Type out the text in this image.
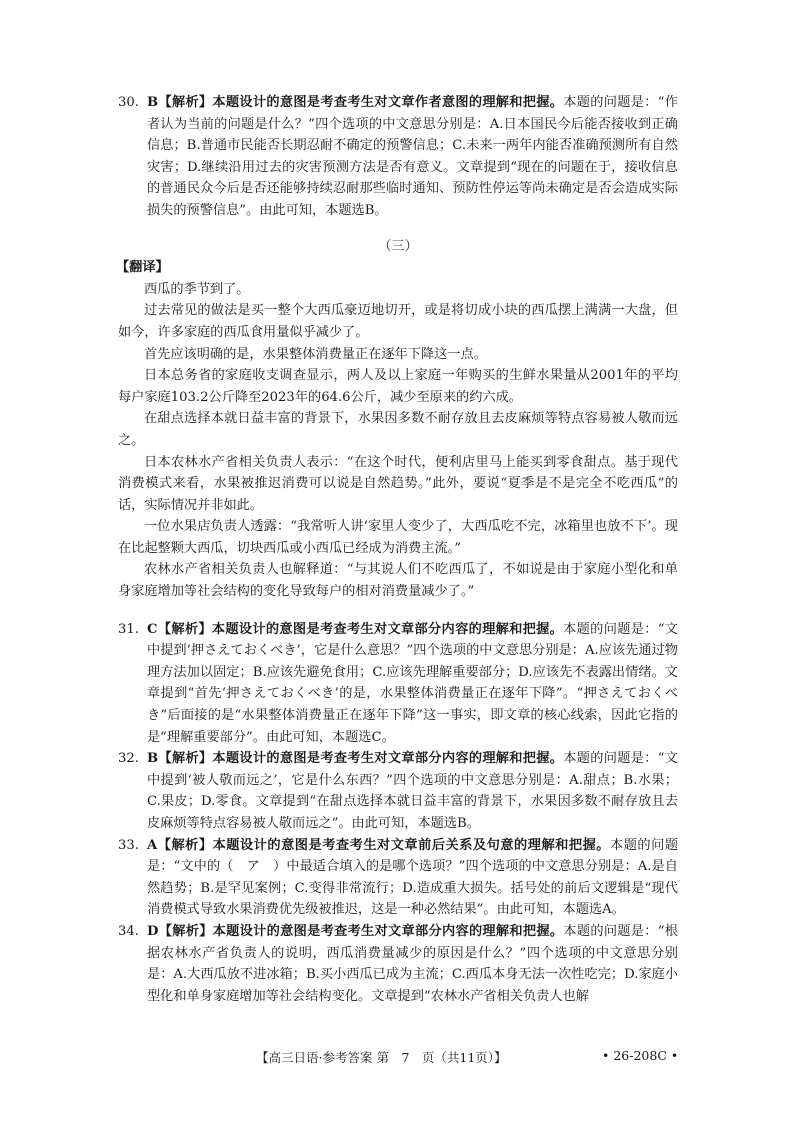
30. B【解析】本题设计的意图是考查考生对文章作者意图的理解和把握。本题的问题是：“作者认为当前的问题是什么？”四个选项的中文意思分别是：A.日本国民今后能否接收到正确信息；B.普通市民能否长期忍耐不确定的预警信息；C.未来一两年内能否准确预测所有自然灾害；D.继续沿用过去的灾害预测方法是否有意义。文章提到“现在的问题在于，接收信息的普通民众今后是否还能够持续忍耐那些临时通知、预防性停运等尚未确定是否会造成实际损失的预警信息”。由此可知，本题选B。

（三）

【翻译】

西瓜的季节到了。

过去常见的做法是买一整个大西瓜豪迈地切开，或是将切成小块的西瓜摆上满满一大盘，但如今，许多家庭的西瓜食用量似乎减少了。

首先应该明确的是，水果整体消费量正在逐年下降这一点。

日本总务省的家庭收支调查显示，两人及以上家庭一年购买的生鲜水果量从2001年的平均每户家庭103.2公斤降至2023年的64.6公斤，减少至原来的约六成。

在甜点选择本就日益丰富的背景下，水果因多数不耐存放且去皮麻烦等特点容易被人敬而远之。

日本农林水产省相关负责人表示：“在这个时代，便利店里马上能买到零食甜点。基于现代消费模式来看，水果被推迟消费可以说是自然趋势。”此外，要说“夏季是不是完全不吃西瓜”的话，实际情况并非如此。

一位水果店负责人透露：“我常听人讲‘家里人变少了，大西瓜吃不完，冰箱里也放不下’。现在比起整颗大西瓜，切块西瓜或小西瓜已经成为消费主流。”

农林水产省相关负责人也解释道：“与其说人们不吃西瓜了，不如说是由于家庭小型化和单身家庭增加等社会结构的变化导致每户的相对消费量减少了。”

31. C【解析】本题设计的意图是考查考生对文章部分内容的理解和把握。本题的问题是：“文中提到‘押さえておくべき’，它是什么意思？”四个选项的中文意思分别是：A.应该先通过物理方法加以固定；B.应该先避免食用；C.应该先理解重要部分；D.应该先不表露出情绪。文章提到“首先‘押さえておくべき’的是，水果整体消费量正在逐年下降”。“押さえておくべき”后面接的是“水果整体消费量正在逐年下降”这一事实，即文章的核心线索，因此它指的是“理解重要部分”。由此可知，本题选C。
32. B【解析】本题设计的意图是考查考生对文章部分内容的理解和把握。本题的问题是：“文中提到‘被人敬而远之’，它是什么东西？”四个选项的中文意思分别是：A.甜点；B.水果；C.果皮；D.零食。文章提到“在甜点选择本就日益丰富的背景下，水果因多数不耐存放且去皮麻烦等特点容易被人敬而远之”。由此可知，本题选B。
33. A【解析】本题设计的意图是考查考生对文章前后关系及句意的理解和把握。本题的问题是：“文中的（　ア　）中最适合填入的是哪个选项？”四个选项的中文意思分别是：A.是自然趋势；B.是罕见案例；C.变得非常流行；D.造成重大损失。括号处的前后文逻辑是“现代消费模式导致水果消费优先级被推迟，这是一种必然结果”。由此可知，本题选A。
34. D【解析】本题设计的意图是考查考生对文章部分内容的理解和把握。本题的问题是：“根据农林水产省负责人的说明，西瓜消费量减少的原因是什么？”四个选项的中文意思分别是：A.大西瓜放不进冰箱；B.买小西瓜已成为主流；C.西瓜本身无法一次性吃完；D.家庭小型化和单身家庭增加等社会结构变化。文章提到“农林水产省相关负责人也解
【高三日语·参考答案 第　7　页（共11页）】	• 26-208C •
